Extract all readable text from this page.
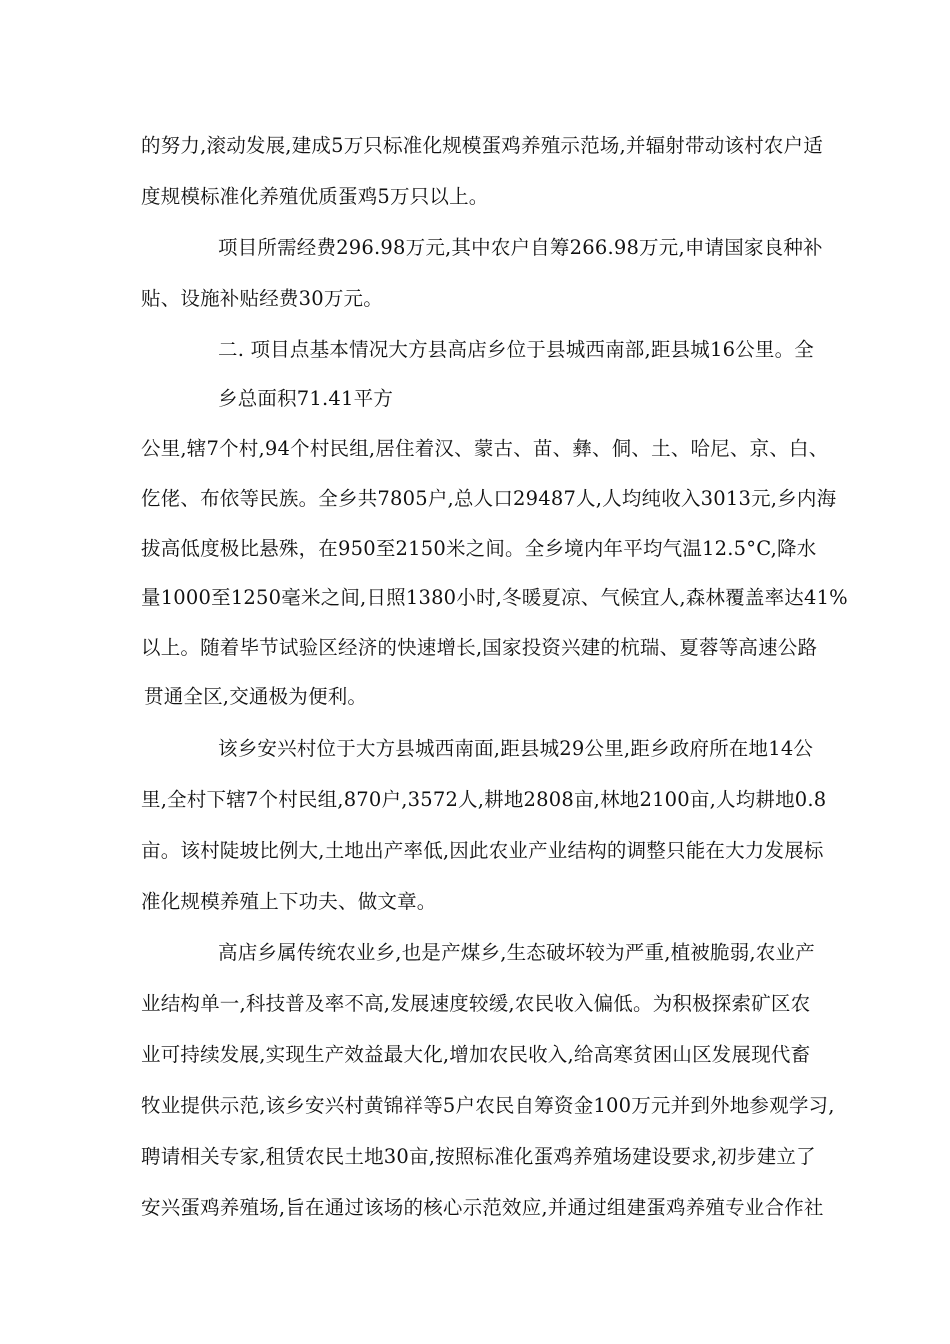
的努力,滚动发展,建成5万只标准化规模蛋鸡养殖示范场,并辐射带动该村农户适
度规模标准化养殖优质蛋鸡5万只以上。
项目所需经费296.98万元,其中农户自筹266.98万元,申请国家良种补
贴、设施补贴经费30万元。
二. 项目点基本情况大方县高店乡位于县城西南部,距县城16公里。全
乡总面积71.41平方
公里,辖7个村,94个村民组,居住着汉、蒙古、苗、彝、侗、土、哈尼、京、白、
仡佬、布依等民族。全乡共7805户,总人口29487人,人均纯收入3013元,乡内海
拔高低度极比悬殊，在950至2150米之间。全乡境内年平均气温12.5°C,降水
量1000至1250毫米之间,日照1380小时,冬暖夏凉、气候宜人,森林覆盖率达41%
以上。随着毕节试验区经济的快速增长,国家投资兴建的杭瑞、夏蓉等高速公路
贯通全区,交通极为便利。
该乡安兴村位于大方县城西南面,距县城29公里,距乡政府所在地14公
里,全村下辖7个村民组,870户,3572人,耕地2808亩,林地2100亩,人均耕地0.8
亩。该村陡坡比例大,土地出产率低,因此农业产业结构的调整只能在大力发展标
准化规模养殖上下功夫、做文章。
高店乡属传统农业乡,也是产煤乡,生态破坏较为严重,植被脆弱,农业产
业结构单一,科技普及率不高,发展速度较缓,农民收入偏低。为积极探索矿区农
业可持续发展,实现生产效益最大化,增加农民收入,给高寒贫困山区发展现代畜
牧业提供示范,该乡安兴村黄锦祥等5户农民自筹资金100万元并到外地参观学习,
聘请相关专家,租赁农民土地30亩,按照标准化蛋鸡养殖场建设要求,初步建立了
安兴蛋鸡养殖场,旨在通过该场的核心示范效应,并通过组建蛋鸡养殖专业合作社
